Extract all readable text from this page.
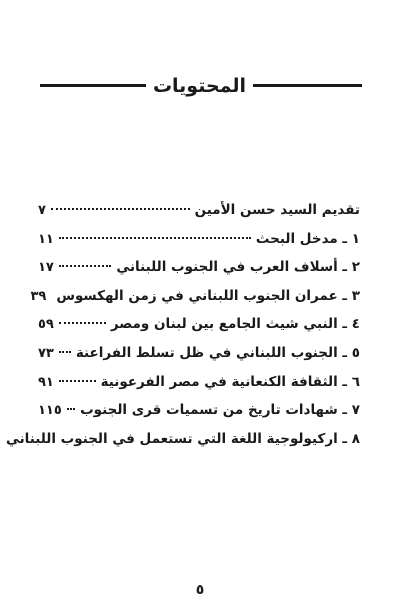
المحتويات
تقديم السيد حسن الأمين
٧
١ ـ مدخل البحث
١١
٢ ـ أسلاف العرب في الجنوب اللبناني
١٧
٣ ـ عمران الجنوب اللبناني في زمن الهكسوس
٣٩
٤ ـ النبي شيث الجامع بين لبنان ومصر
٥٩
٥ ـ الجنوب اللبناني في ظل تسلط الفراعنة
٧٣
٦ ـ الثقافة الكنعانية في مصر الفرعونية
٩١
٧ ـ شهادات تاريخ من تسميات قرى الجنوب
١١٥
٨ ـ اركيولوجية اللغة التي تستعمل في الجنوب اللبناني
٥
